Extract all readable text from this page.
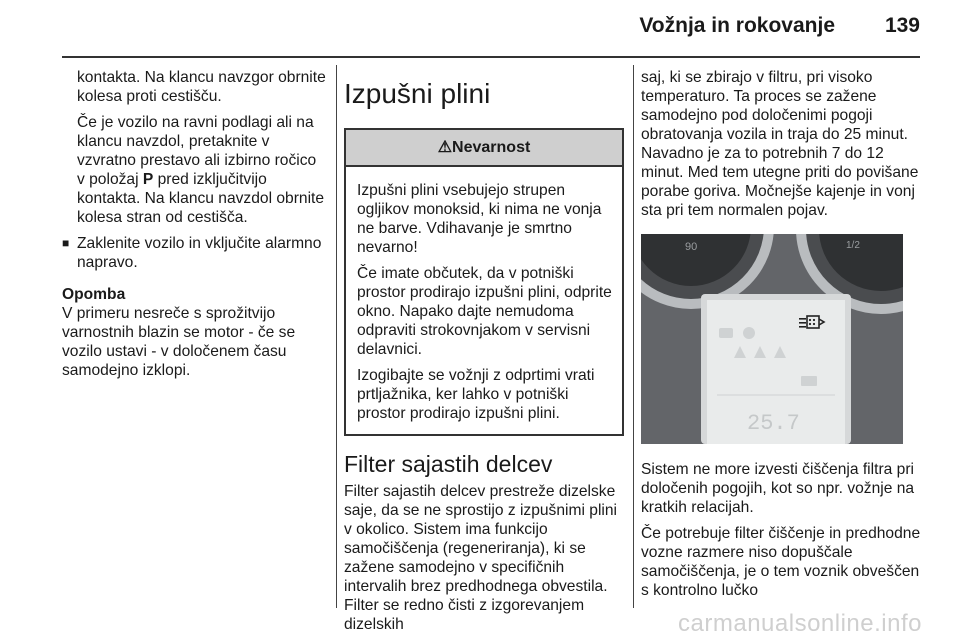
Vožnja in rokovanje 139

kontakta. Na klancu navzgor obrnite kolesa proti cestišču.

Če je vozilo na ravni podlagi ali na klancu navzdol, pretaknite v vzvratno prestavo ali izbirno ročico v položaj P pred izključitvijo kontakta. Na klancu navzdol obrnite kolesa stran od cestišča.

■ Zaklenite vozilo in vključite alarmno napravo.

Opomba

V primeru nesreče s sprožitvijo varnostnih blazin se motor - če se vozilo ustavi - v določenem času samodejno izklopi.

Izpušni plini
⚠Nevarnost

Izpušni plini vsebujejo strupen ogljikov monoksid, ki nima ne vonja ne barve. Vdihavanje je smrtno nevarno!

Če imate občutek, da v potniški prostor prodirajo izpušni plini, odprite okno. Napako dajte nemudoma odpraviti strokovnjakom v servisni delavnici.

Izogibajte se vožnji z odprtimi vrati prtljažnika, ker lahko v potniški prostor prodirajo izpušni plini.

Filter sajastih delcev

Filter sajastih delcev prestreže dizelske saje, da se ne sprostijo z izpušnimi plini v okolico. Sistem ima funkcijo samočiščenja (regeneriranja), ki se zažene samodejno v specifičnih intervalih brez predhodnega obvestila. Filter se redno čisti z izgorevanjem dizelskih

saj, ki se zbirajo v filtru, pri visoko temperaturo. Ta proces se zažene samodejno pod določenimi pogoji obratovanja vozila in traja do 25 minut. Navadno je za to potrebnih 7 do 12 minut. Med tem utegne priti do povišane porabe goriva. Močnejše kajenje in vonj sta pri tem normalen pojav.

90	1/2
25.7

Sistem ne more izvesti čiščenja filtra pri določenih pogojih, kot so npr. vožnje na kratkih relacijah.

Če potrebuje filter čiščenje in predhodne vozne razmere niso dopuščale samočiščenja, je o tem voznik obveščen s kontrolno lučko

carmanualsonline.info
